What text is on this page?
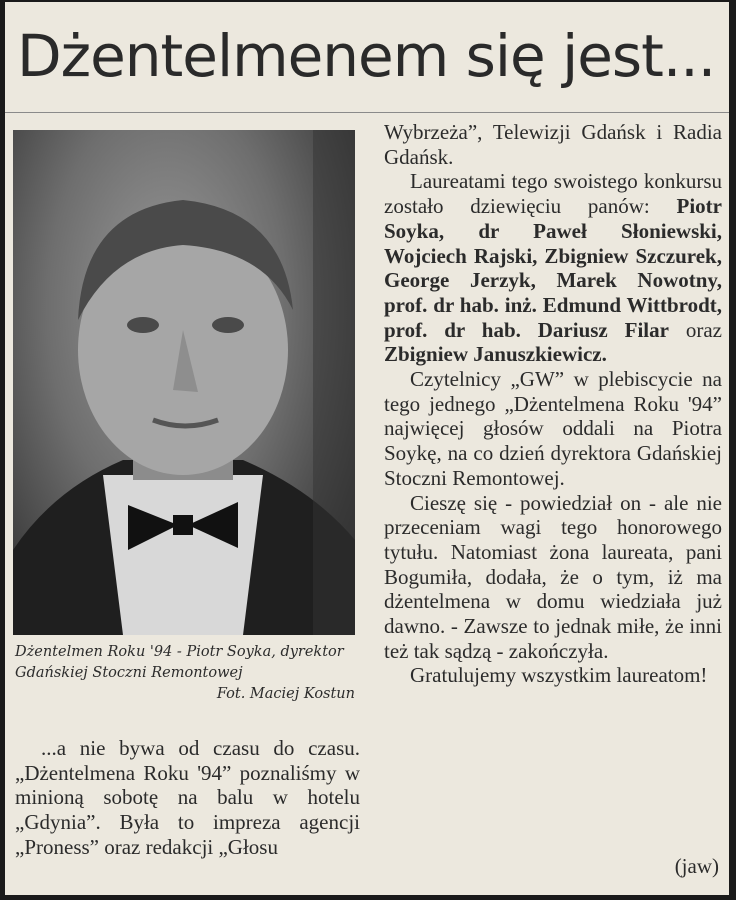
Dżentelmenem się jest...
Dżentelmen Roku '94 - Piotr Soyka, dyrektor Gdańskiej Stoczni Remontowej
Fot. Maciej Kostun

...a nie bywa od czasu do czasu. „Dżentelmena Roku '94” poznaliśmy w minioną sobotę na balu w hotelu „Gdynia”. Była to impreza agencji „Proness” oraz redakcji „Głosu

Wybrzeża”, Telewizji Gdańsk i Radia Gdańsk.

Laureatami tego swoistego konkursu zostało dziewięciu panów: Piotr Soyka, dr Paweł Słoniewski, Wojciech Rajski, Zbigniew Szczurek, George Jerzyk, Marek Nowotny, prof. dr hab. inż. Edmund Wittbrodt, prof. dr hab. Dariusz Filar oraz Zbigniew Januszkiewicz.

Czytelnicy „GW” w plebiscycie na tego jednego „Dżentelmena Roku '94” najwięcej głosów oddali na Piotra Soykę, na co dzień dyrektora Gdańskiej Stoczni Remontowej.

Cieszę się - powiedział on - ale nie przeceniam wagi tego honorowego tytułu. Natomiast żona laureata, pani Bogumiła, dodała, że o tym, iż ma dżentelmena w domu wiedziała już dawno. - Zawsze to jednak miłe, że inni też tak sądzą - zakończyła.

Gratulujemy wszystkim laureatom!

(jaw)
